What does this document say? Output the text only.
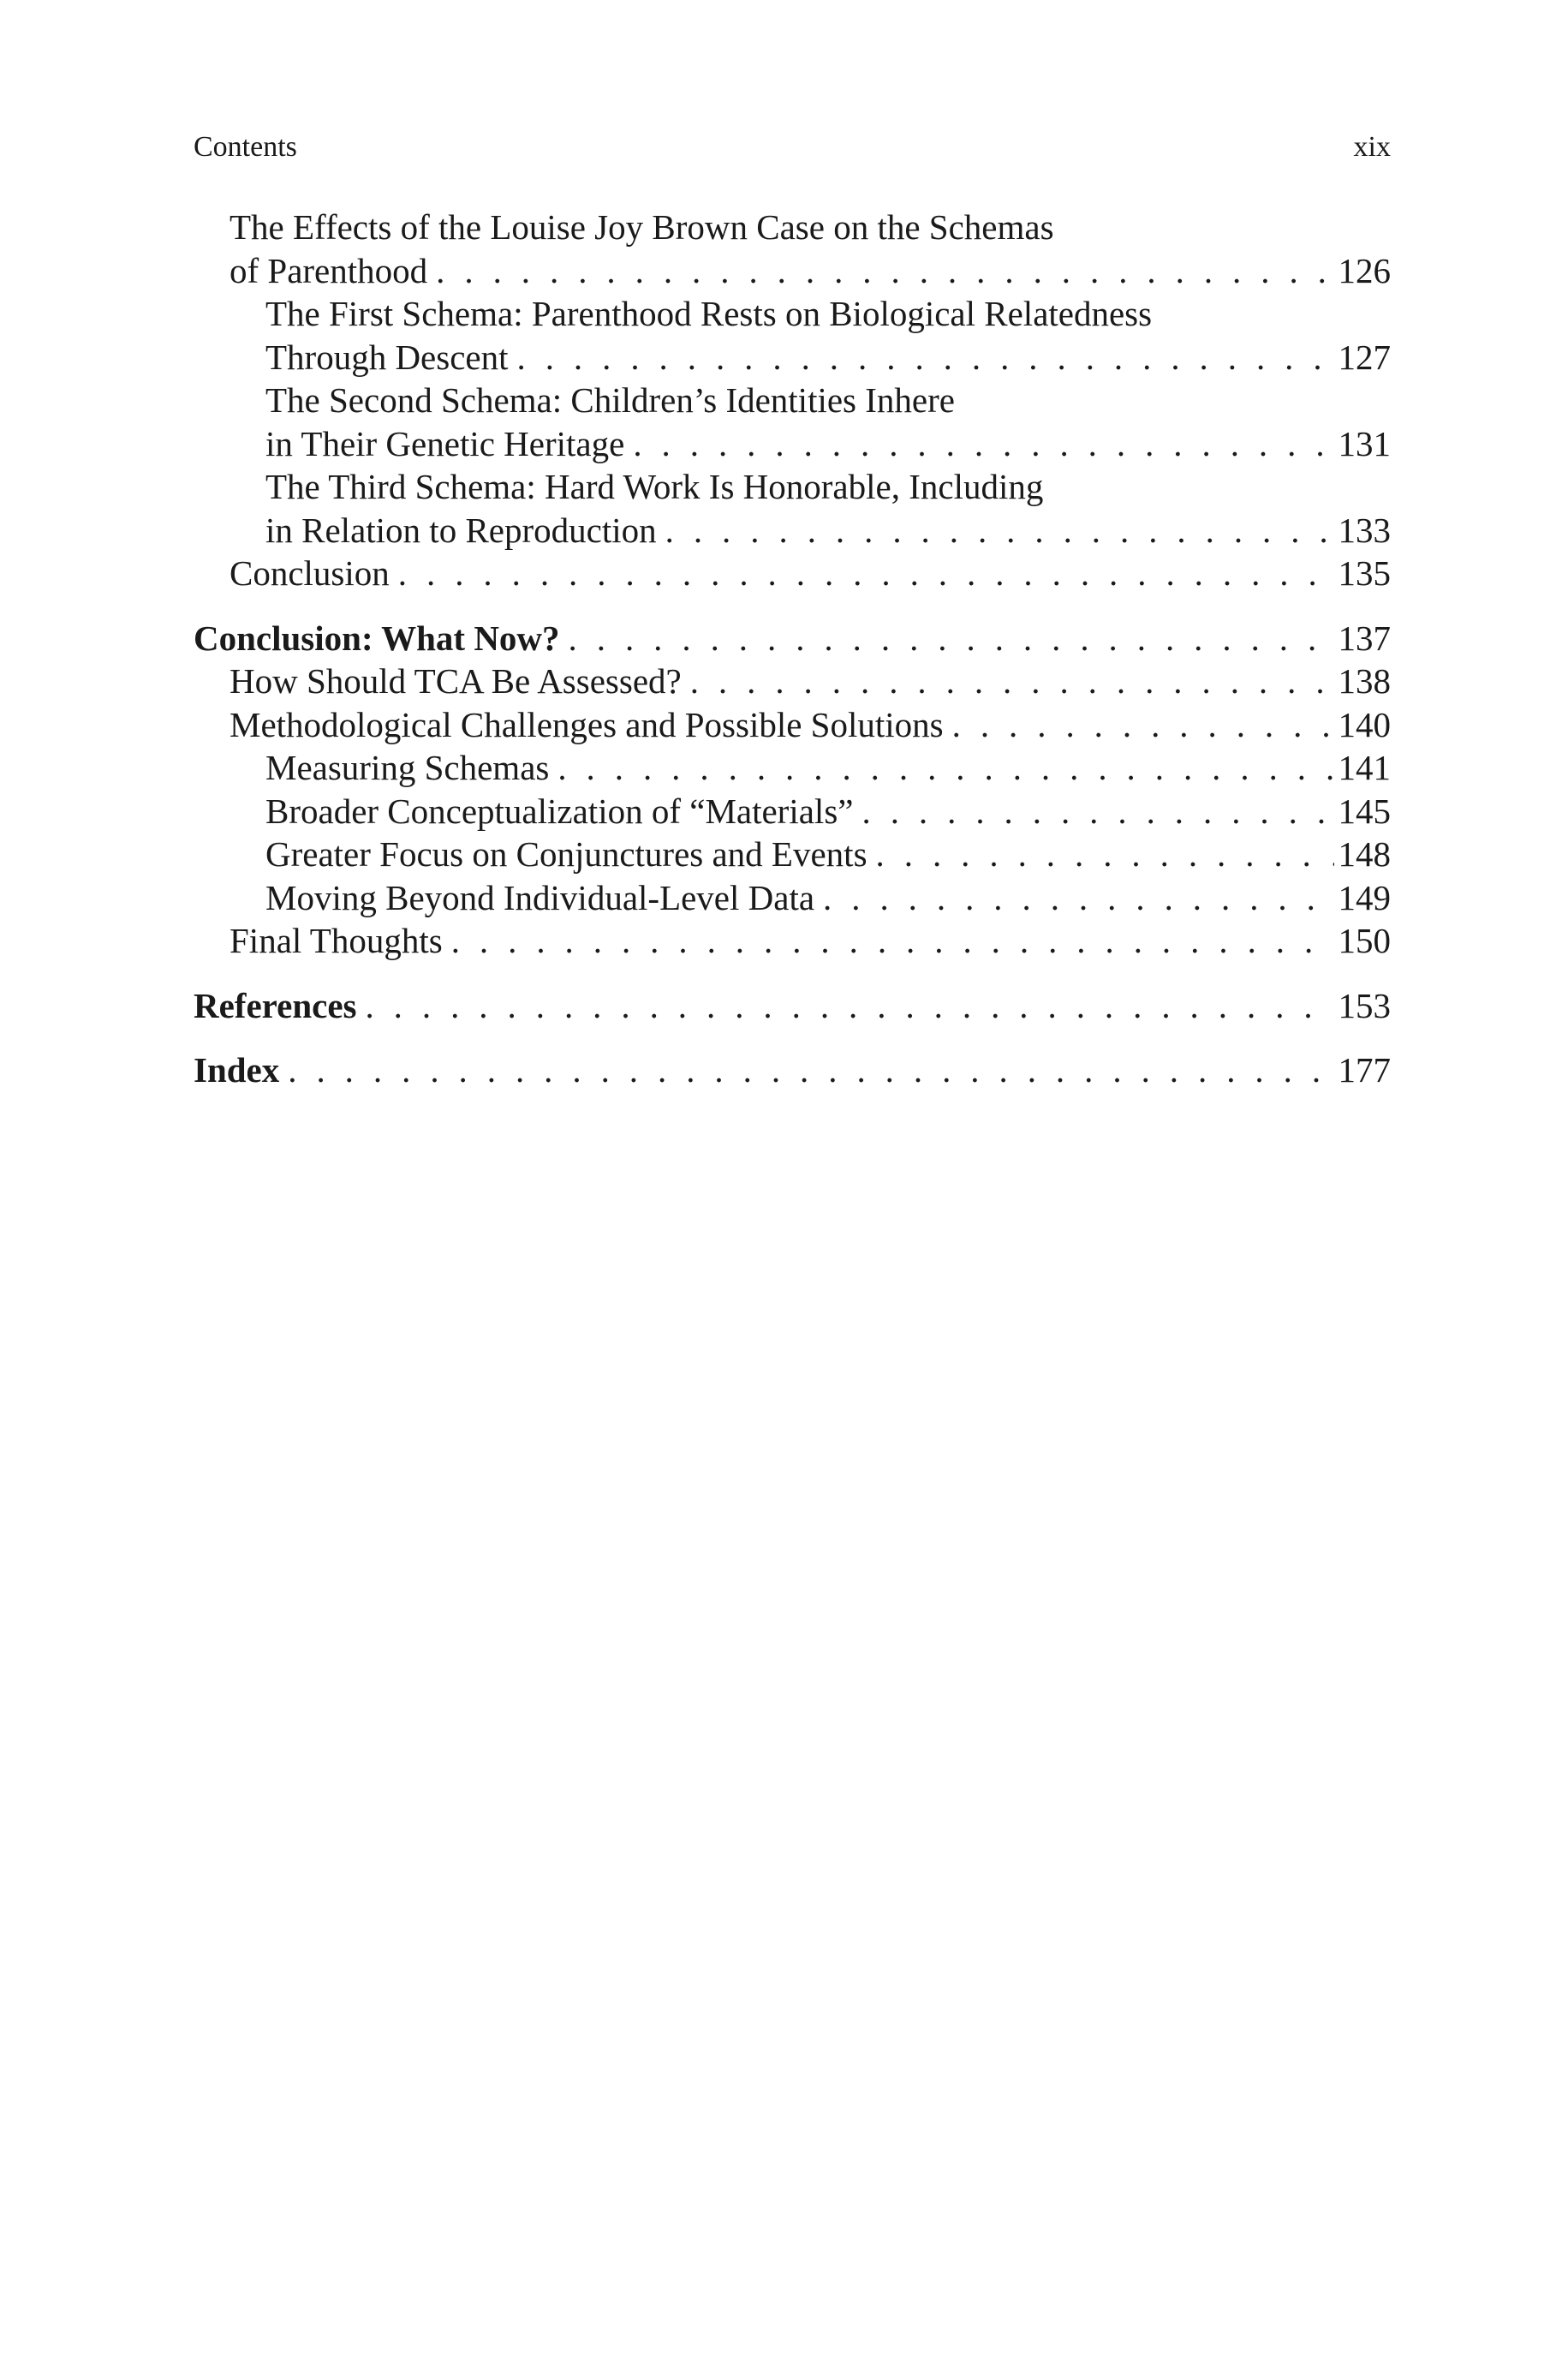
Contents	xix
The Effects of the Louise Joy Brown Case on the Schemas
of Parenthood . . .	126
The First Schema: Parenthood Rests on Biological Relatedness
Through Descent . . .	127
The Second Schema: Children’s Identities Inhere
in Their Genetic Heritage . . .	131
The Third Schema: Hard Work Is Honorable, Including
in Relation to Reproduction . . .	133
Conclusion . . .	135
Conclusion: What Now? . . .	137
How Should TCA Be Assessed? . . .	138
Methodological Challenges and Possible Solutions . . .	140
Measuring Schemas . . .	141
Broader Conceptualization of “Materials” . . .	145
Greater Focus on Conjunctures and Events . . .	148
Moving Beyond Individual-Level Data . . .	149
Final Thoughts . . .	150
References . . .	153
Index . . .	177
